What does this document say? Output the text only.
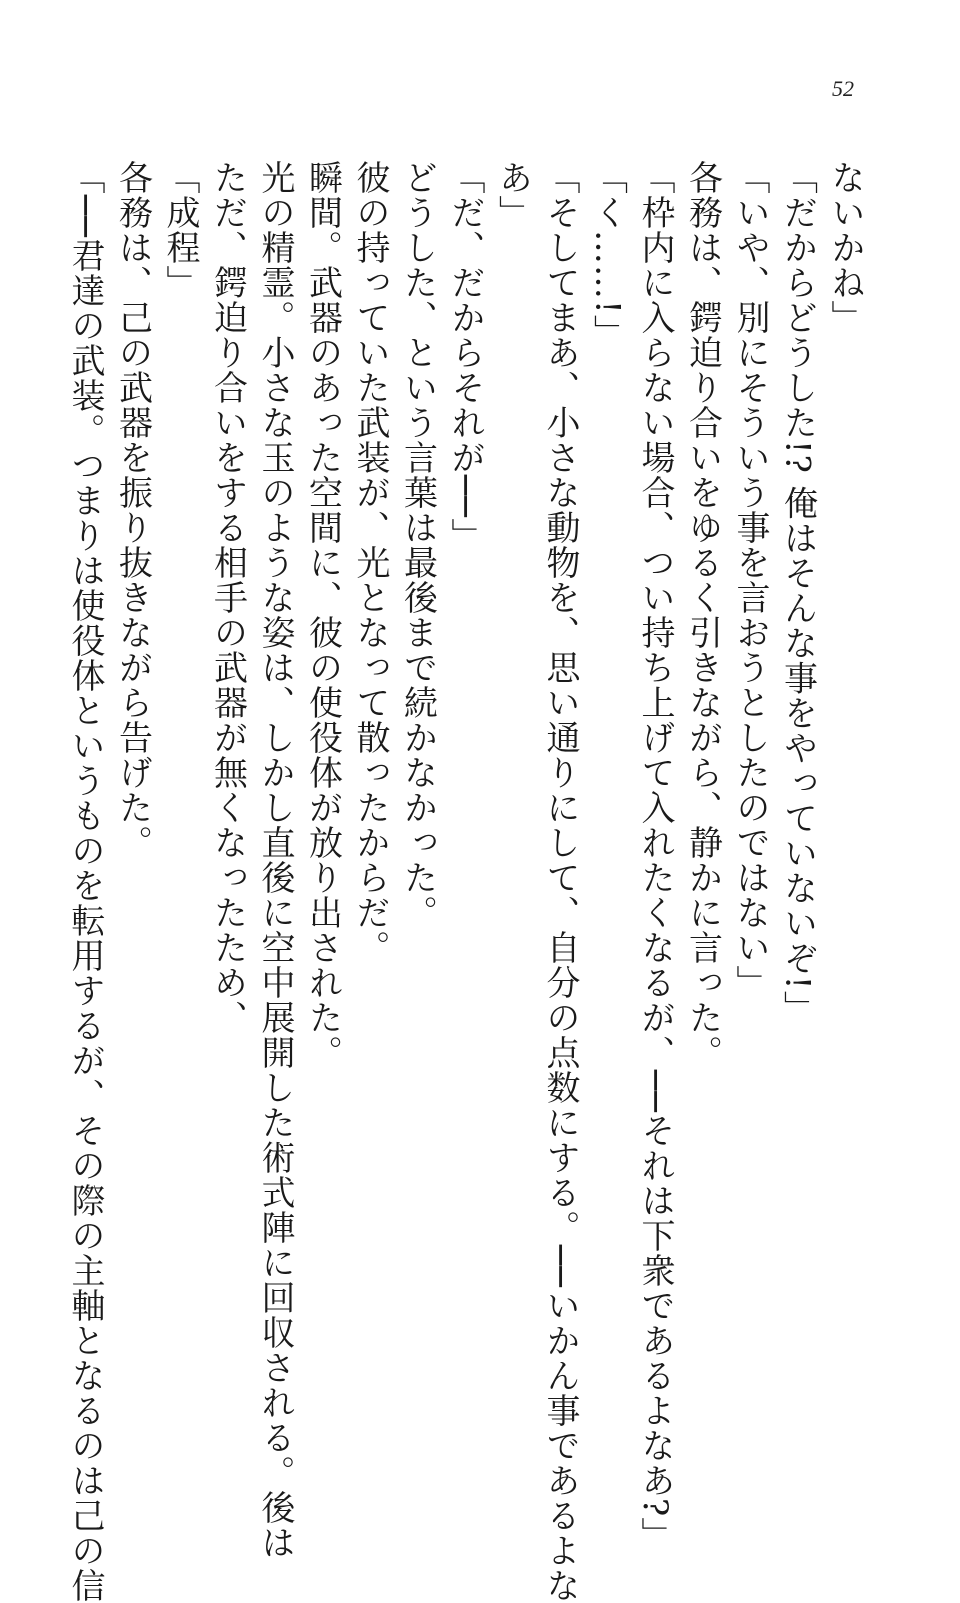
52
ないかね」
「だからどうした!? 俺はそんな事をやっていないぞ!」
「いや、別にそういう事を言おうとしたのではない」
各務は、鍔迫り合いをゆるく引きながら、静かに言った。
「枠内に入らない場合、つい持ち上げて入れたくなるが、──それは下衆であるよなあ?」
「く……!」
「そしてまあ、小さな動物を、思い通りにして、自分の点数にする。──いかん事であるよな
あ」
「だ、だからそれが──」
どうした、という言葉は最後まで続かなかった。
彼の持っていた武装が、光となって散ったからだ。
瞬間。武器のあった空間に、彼の使役体が放り出された。
光の精霊。小さな玉のような姿は、しかし直後に空中展開した術式陣に回収される。後は
ただ、鍔迫り合いをする相手の武器が無くなったため、
「成程」
各務は、己の武器を振り抜きながら告げた。
「──君達の武装。つまりは使役体というものを転用するが、その際の主軸となるのは己の信
